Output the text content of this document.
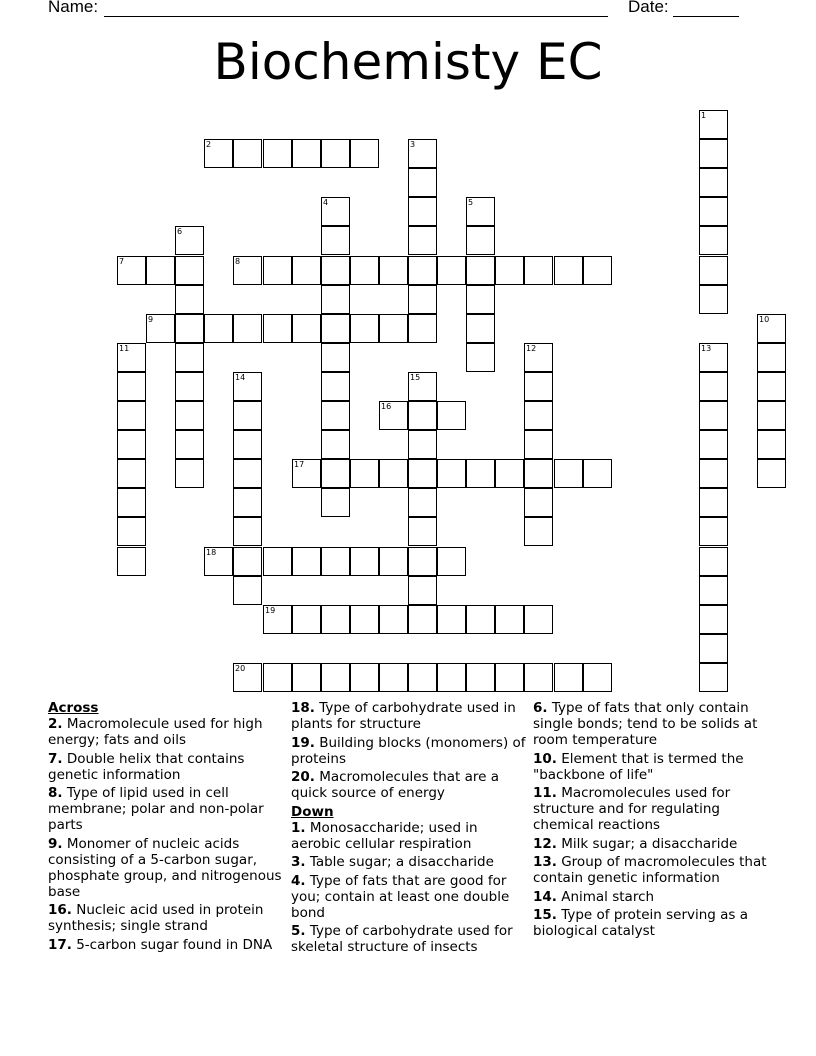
Name:	Date:
Biochemisty EC
1
2	3
4	5
6
7	8
9	10
11	12	13
14	15
16
17
18
19
20
Across
2. Macromolecule used for high energy; fats and oils
7. Double helix that contains genetic information
8. Type of lipid used in cell membrane; polar and non-polar parts
9. Monomer of nucleic acids consisting of a 5-carbon sugar, phosphate group, and nitrogenous base
16. Nucleic acid used in protein synthesis; single strand
17. 5-carbon sugar found in DNA
18. Type of carbohydrate used in plants for structure
19. Building blocks (monomers) of proteins
20. Macromolecules that are a quick source of energy
Down
1. Monosaccharide; used in aerobic cellular respiration
3. Table sugar; a disaccharide
4. Type of fats that are good for you; contain at least one double bond
5. Type of carbohydrate used for skeletal structure of insects
6. Type of fats that only contain single bonds; tend to be solids at room temperature
10. Element that is termed the "backbone of life"
11. Macromolecules used for structure and for regulating chemical reactions
12. Milk sugar; a disaccharide
13. Group of macromolecules that contain genetic information
14. Animal starch
15. Type of protein serving as a biological catalyst
